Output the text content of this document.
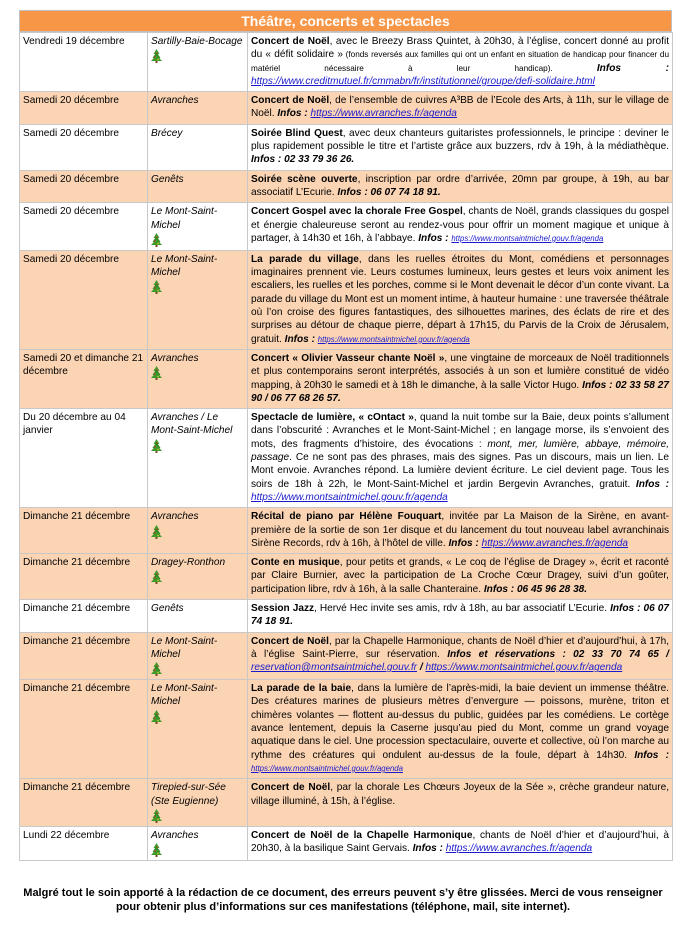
Théâtre, concerts et spectacles
Vendredi 19 décembre	Sartilly-Baie-Bocage	Concert de Noël, avec le Breezy Brass Quintet, à 20h30, à l’église, concert donné au profit du « défit solidaire » (fonds reversés aux familles qui ont un enfant en situation de handicap pour financer du matériel nécessaire à leur handicap). Infos : https://www.creditmutuel.fr/cmmabn/fr/institutionnel/groupe/defi-solidaire.html
Samedi 20 décembre	Avranches	Concert de Noël, de l’ensemble de cuivres A³BB de l’Ecole des Arts, à 11h, sur le village de Noël. Infos : https://www.avranches.fr/agenda
Samedi 20 décembre	Brécey	Soirée Blind Quest, avec deux chanteurs guitaristes professionnels, le principe : deviner le plus rapidement possible le titre et l’artiste grâce aux buzzers, rdv à 19h, à la médiathèque. Infos : 02 33 79 36 26.
Samedi 20 décembre	Genêts	Soirée scène ouverte, inscription par ordre d’arrivée, 20mn par groupe, à 19h, au bar associatif L’Ecurie. Infos : 06 07 74 18 91.
Samedi 20 décembre	Le Mont-Saint-Michel	Concert Gospel avec la chorale Free Gospel, chants de Noël, grands classiques du gospel et énergie chaleureuse seront au rendez-vous pour offrir un moment magique et unique à partager, à 14h30 et 16h, à l’abbaye. Infos : https://www.montsaintmichel.gouv.fr/agenda
Samedi 20 décembre	Le Mont-Saint-Michel	La parade du village, dans les ruelles étroites du Mont, comédiens et personnages imaginaires prennent vie. Leurs costumes lumineux, leurs gestes et leurs voix animent les escaliers, les ruelles et les porches, comme si le Mont devenait le décor d’un conte vivant. La parade du village du Mont est un moment intime, à hauteur humaine : une traversée théâtrale où l’on croise des figures fantastiques, des silhouettes marines, des éclats de rire et des surprises au détour de chaque pierre, départ à 17h15, du Parvis de la Croix de Jérusalem, gratuit. Infos : https://www.montsaintmichel.gouv.fr/agenda
Samedi 20 et dimanche 21 décembre	Avranches	Concert « Olivier Vasseur chante Noël », une vingtaine de morceaux de Noël traditionnels et plus contemporains seront interprétés, associés à un son et lumière constitué de vidéo mapping, à 20h30 le samedi et à 18h le dimanche, à la salle Victor Hugo. Infos : 02 33 58 27 90 / 06 77 68 26 57.
Du 20 décembre au 04 janvier	Avranches / Le Mont-Saint-Michel	Spectacle de lumière, « cOntact », quand la nuit tombe sur la Baie, deux points s’allument dans l’obscurité : Avranches et le Mont-Saint-Michel ; en langage morse, ils s’envoient des mots, des fragments d’histoire, des évocations : mont, mer, lumière, abbaye, mémoire, passage. Ce ne sont pas des phrases, mais des signes. Pas un discours, mais un lien. Le Mont envoie. Avranches répond. La lumière devient écriture. Le ciel devient page. Tous les soirs de 18h à 22h, le Mont-Saint-Michel et jardin Bergevin Avranches, gratuit. Infos : https://www.montsaintmichel.gouv.fr/agenda
Dimanche 21 décembre	Avranches	Récital de piano par Hélène Fouquart, invitée par La Maison de la Sirène, en avant-première de la sortie de son 1er disque et du lancement du tout nouveau label avranchinais Sirène Records, rdv à 16h, à l’hôtel de ville. Infos : https://www.avranches.fr/agenda
Dimanche 21 décembre	Dragey-Ronthon	Conte en musique, pour petits et grands, « Le coq de l’église de Dragey », écrit et raconté par Claire Burnier, avec la participation de La Croche Cœur Dragey, suivi d’un goûter, participation libre, rdv à 16h, à la salle Chanteraine. Infos : 06 45 96 28 38.
Dimanche 21 décembre	Genêts	Session Jazz, Hervé Hec invite ses amis, rdv à 18h, au bar associatif L’Ecurie. Infos : 06 07 74 18 91.
Dimanche 21 décembre	Le Mont-Saint-Michel	Concert de Noël, par la Chapelle Harmonique, chants de Noël d’hier et d’aujourd’hui, à 17h, à l’église Saint-Pierre, sur réservation. Infos et réservations : 02 33 70 74 65 / reservation@montsaintmichel.gouv.fr / https://www.montsaintmichel.gouv.fr/agenda
Dimanche 21 décembre	Le Mont-Saint-Michel	La parade de la baie, dans la lumière de l’après-midi, la baie devient un immense théâtre. Des créatures marines de plusieurs mètres d’envergure — poissons, murène, triton et chimères volantes — flottent au-dessus du public, guidées par les comédiens. Le cortège avance lentement, depuis la Caserne jusqu’au pied du Mont, comme un grand voyage aquatique dans le ciel. Une procession spectaculaire, ouverte et collective, où l’on marche au rythme des créatures qui ondulent au-dessus de la foule, départ à 14h30. Infos : https://www.montsaintmichel.gouv.fr/agenda
Dimanche 21 décembre	Tirepied-sur-Sée (Ste Eugienne)	Concert de Noël, par la chorale Les Chœurs Joyeux de la Sée », crèche grandeur nature, village illuminé, à 15h, à l’église.
Lundi 22 décembre	Avranches	Concert de Noël de la Chapelle Harmonique, chants de Noël d’hier et d’aujourd’hui, à 20h30, à la basilique Saint Gervais. Infos : https://www.avranches.fr/agenda
Malgré tout le soin apporté à la rédaction de ce document, des erreurs peuvent s’y être glissées. Merci de vous renseigner pour obtenir plus d’informations sur ces manifestations (téléphone, mail, site internet).
